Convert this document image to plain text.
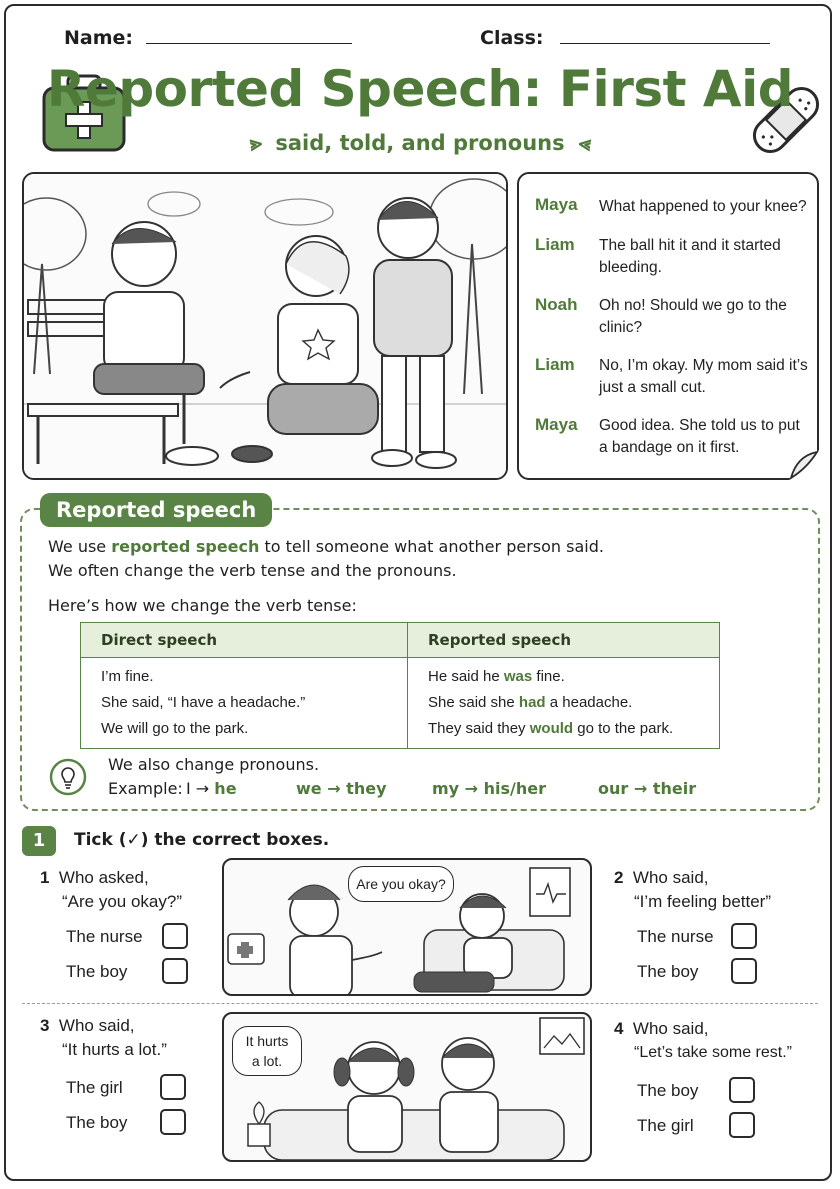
Name:	Class:
Reported Speech: First Aid
⪢ said, told, and pronouns ⪡
Maya What happened to your knee?
Liam The ball hit it and it started bleeding.
Noah Oh no! Should we go to the clinic?
Liam No, I’m okay. My mom said it’s just a small cut.
Maya Good idea. She told us to put a bandage on it first.
Reported speech
We use reported speech to tell someone what another person said.
We often change the verb tense and the pronouns.
Here’s how we change the verb tense:
Direct speech	Reported speech
I’m fine.	He said he was fine.
She said, “I have a headache.”	She said she had a headache.
We will go to the park.	They said they would go to the park.
We also change pronouns.
Example: I → he	we → they	my → his/her	our → their
1	Tick (✓) the correct boxes.
1 Who asked,
“Are you okay?”
The nurse
The boy
Are you okay?	2 Who said,
“I’m feeling better”
The nurse
The boy
3 Who said,
“It hurts a lot.”
The girl
The boy
It hurts
a lot.
4 Who said,
“Let’s take some rest.”
The boy
The girl
